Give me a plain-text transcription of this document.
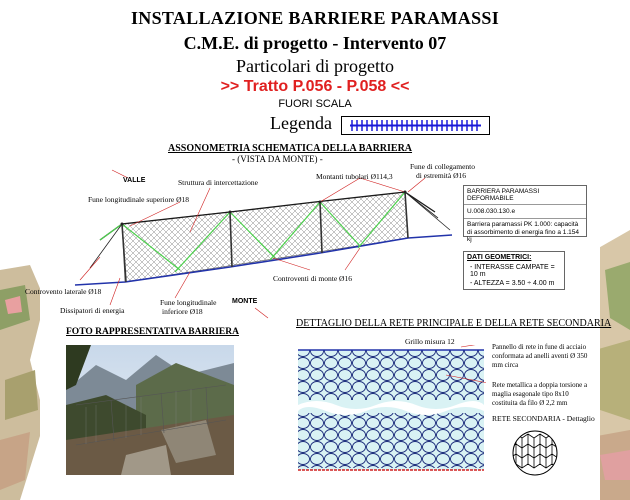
INSTALLAZIONE BARRIERE PARAMASSI
C.M.E. di progetto - Intervento 07
Particolari di progetto
>> Tratto P.056 - P.058 <<
FUORI SCALA
Legenda
ASSONOMETRIA SCHEMATICA DELLA BARRIERA
- (VISTA DA MONTE) -
VALLE
MONTE
Struttura di intercettazione
Montanti tubolari Ø114,3
Fune di collegamento
di estremità Ø16
Fune longitudinale superiore Ø18
Controvento laterale Ø18
Dissipatori di energia
Fune longitudinale
inferiore Ø18
Controventi di monte Ø16
BARRIERA PARAMASSI DEFORMABILE
U.008.030.130.e
Barriera paramassi PK 1.000: capacità di assorbimento di energia fino a 1.154 kj
DATI GEOMETRICI:
- INTERASSE CAMPATE = 10 m
- ALTEZZA = 3.50 ÷ 4.00 m
FOTO RAPPRESENTATIVA BARRIERA
DETTAGLIO DELLA RETE PRINCIPALE E DELLA RETE SECONDARIA
Grillo misura 12
Pannello di rete in fune di acciaio conformata ad anelli aventi Ø 350 mm circa
Rete metallica a doppia torsione a maglia esagonale tipo 8x10 costituita da filo Ø 2,2 mm
RETE SECONDARIA - Dettaglio
